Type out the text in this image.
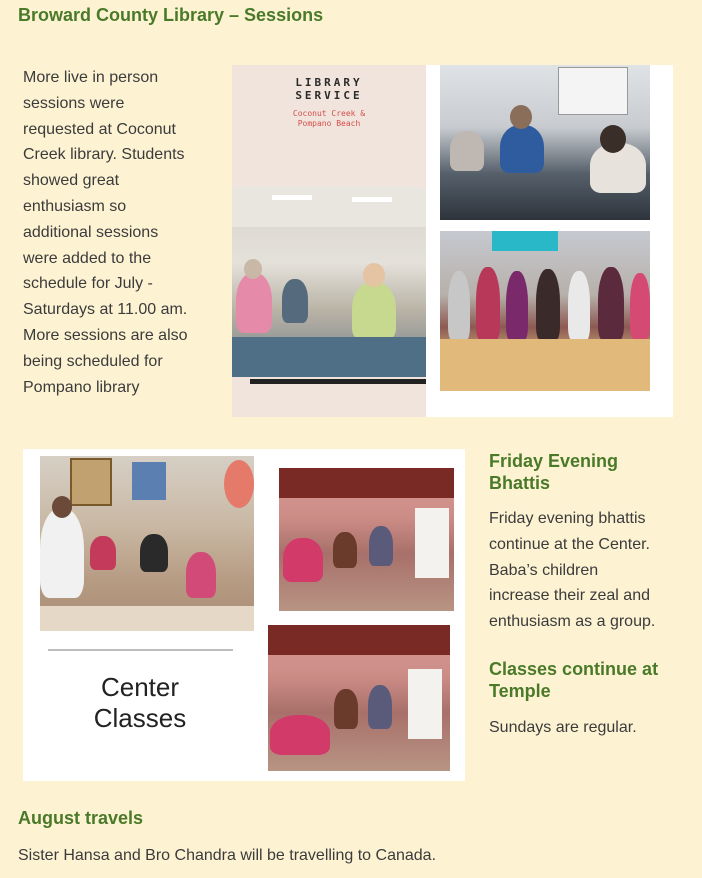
Broward County Library – Sessions
More live in person
sessions were
requested at Coconut
Creek library. Students
showed great
enthusiasm so
additional sessions
were added to the
schedule for July -
Saturdays at 11.00 am.
More sessions are also
being scheduled for
Pompano library
LIBRARY
SERVICE
Coconut Creek &
Pompano Beach
Center
Classes
Friday Evening
Bhattis
Friday evening bhattis
continue at the Center.
Baba’s children
increase their zeal and
enthusiasm as a group.
Classes continue at
Temple
Sundays are regular.
August travels
Sister Hansa and Bro Chandra will be travelling to Canada.
